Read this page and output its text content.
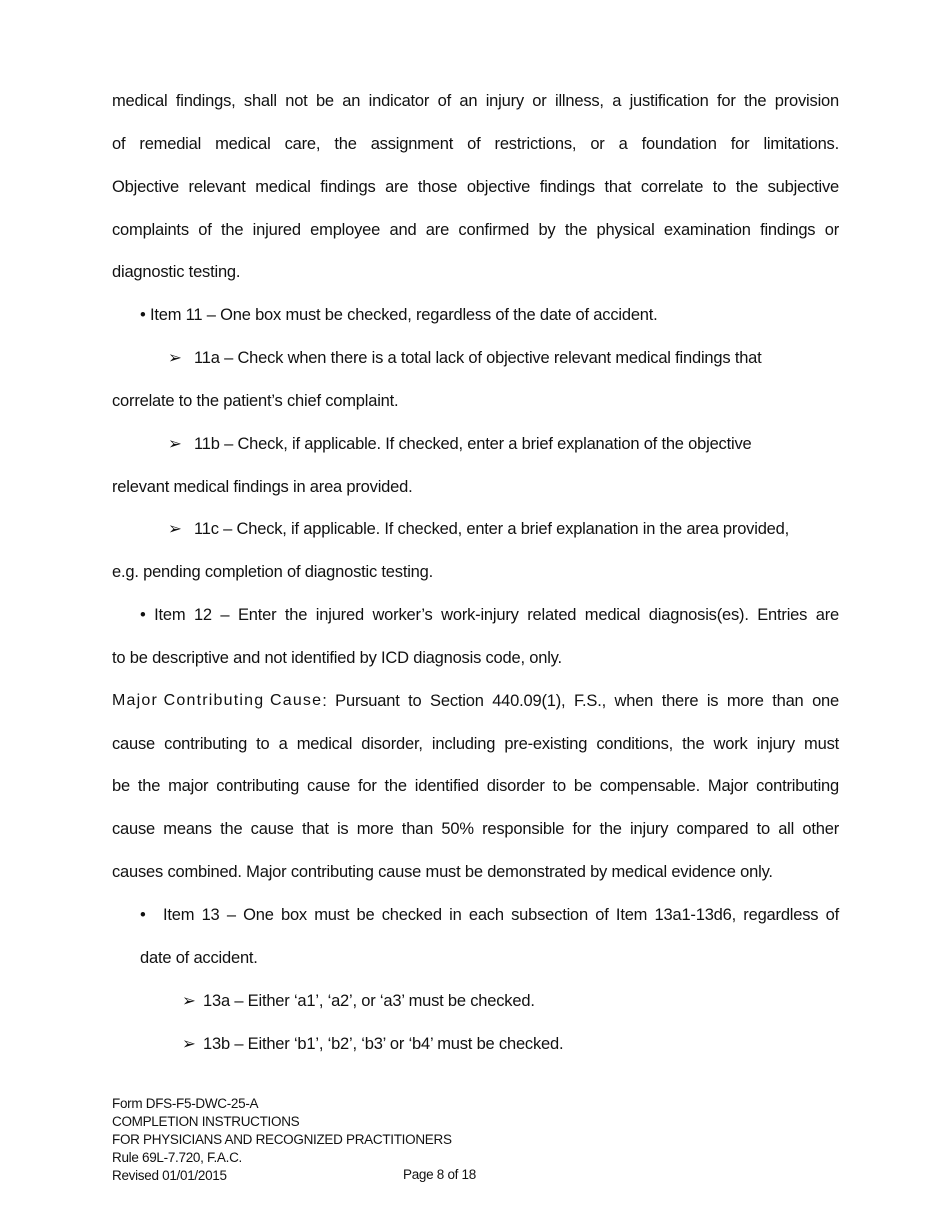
medical findings, shall not be an indicator of an injury or illness, a justification for the provision
of remedial medical care, the assignment of restrictions, or a foundation for limitations.
Objective relevant medical findings are those objective findings that correlate to the subjective
complaints of the injured employee and are confirmed by the physical examination findings or
diagnostic testing.
• Item 11 – One box must be checked, regardless of the date of accident.
➢ 11a – Check when there is a total lack of objective relevant medical findings that
correlate to the patient’s chief complaint.
➢ 11b – Check, if applicable. If checked, enter a brief explanation of the objective
relevant medical findings in area provided.
➢ 11c – Check, if applicable. If checked, enter a brief explanation in the area provided,
e.g. pending completion of diagnostic testing.
• Item 12 – Enter the injured worker’s work-injury related medical diagnosis(es). Entries are
to be descriptive and not identified by ICD diagnosis code, only.
Major Contributing Cause : Pursuant to Section 440.09(1), F.S., when there is more than one
cause contributing to a medical disorder, including pre-existing conditions, the work injury must
be the major contributing cause for the identified disorder to be compensable. Major contributing
cause means the cause that is more than 50% responsible for the injury compared to all other
causes combined. Major contributing cause must be demonstrated by medical evidence only.
• Item 13 – One box must be checked in each subsection of Item 13a1-13d6, regardless of
date of accident.
➢ 13a – Either ‘a1’, ‘a2’, or ‘a3’ must be checked.
➢ 13b – Either ‘b1’, ‘b2’, ‘b3’ or ‘b4’ must be checked.
Form DFS-F5-DWC-25-A
COMPLETION INSTRUCTIONS
FOR PHYSICIANS AND RECOGNIZED PRACTITIONERS
Rule 69L-7.720, F.A.C.
Revised 01/01/2015	Page 8 of 18
